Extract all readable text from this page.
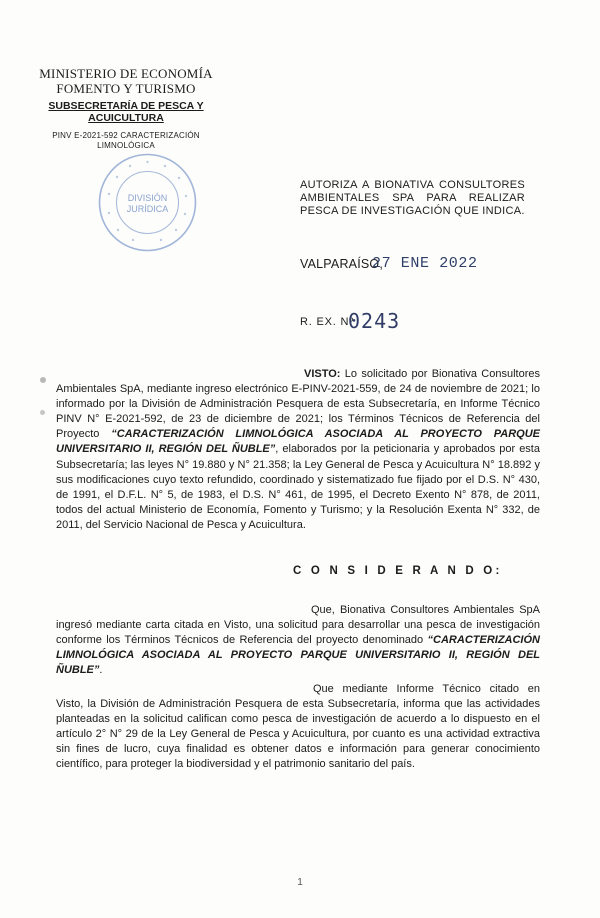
MINISTERIO DE ECONOMÍA
FOMENTO Y TURISMO
SUBSECRETARÍA DE PESCA Y
ACUICULTURA
PINV E-2021-592 CARACTERIZACIÓN
LIMNOLÓGICA
DIVISIÓN
JURÍDICA
AUTORIZA A BIONATIVA CONSULTORES AMBIENTALES SPA PARA REALIZAR PESCA DE INVESTIGACIÓN QUE INDICA.
VALPARAÍSO,
27 ENE 2022
R. EX. Nº
0243
VISTO: Lo solicitado por Bionativa Consultores Ambientales SpA, mediante ingreso electrónico E-PINV-2021-559, de 24 de noviembre de 2021; lo informado por la División de Administración Pesquera de esta Subsecretaría, en Informe Técnico PINV N° E-2021-592, de 23 de diciembre de 2021; los Términos Técnicos de Referencia del Proyecto “CARACTERIZACIÓN LIMNOLÓGICA ASOCIADA AL PROYECTO PARQUE UNIVERSITARIO II, REGIÓN DEL ÑUBLE”, elaborados por la peticionaria y aprobados por esta Subsecretaría; las leyes N° 19.880 y N° 21.358; la Ley General de Pesca y Acuicultura N° 18.892 y sus modificaciones cuyo texto refundido, coordinado y sistematizado fue fijado por el D.S. N° 430, de 1991, el D.F.L. N° 5, de 1983, el D.S. N° 461, de 1995, el Decreto Exento N° 878, de 2011, todos del actual Ministerio de Economía, Fomento y Turismo; y la Resolución Exenta N° 332, de 2011, del Servicio Nacional de Pesca y Acuicultura.
C O N S I D E R A N D O:
Que, Bionativa Consultores Ambientales SpA ingresó mediante carta citada en Visto, una solicitud para desarrollar una pesca de investigación conforme los Términos Técnicos de Referencia del proyecto denominado “CARACTERIZACIÓN LIMNOLÓGICA ASOCIADA AL PROYECTO PARQUE UNIVERSITARIO II, REGIÓN DEL ÑUBLE”.
Que mediante Informe Técnico citado en Visto, la División de Administración Pesquera de esta Subsecretaría, informa que las actividades planteadas en la solicitud califican como pesca de investigación de acuerdo a lo dispuesto en el artículo 2° N° 29 de la Ley General de Pesca y Acuicultura, por cuanto es una actividad extractiva sin fines de lucro, cuya finalidad es obtener datos e información para generar conocimiento científico, para proteger la biodiversidad y el patrimonio sanitario del país.
1
